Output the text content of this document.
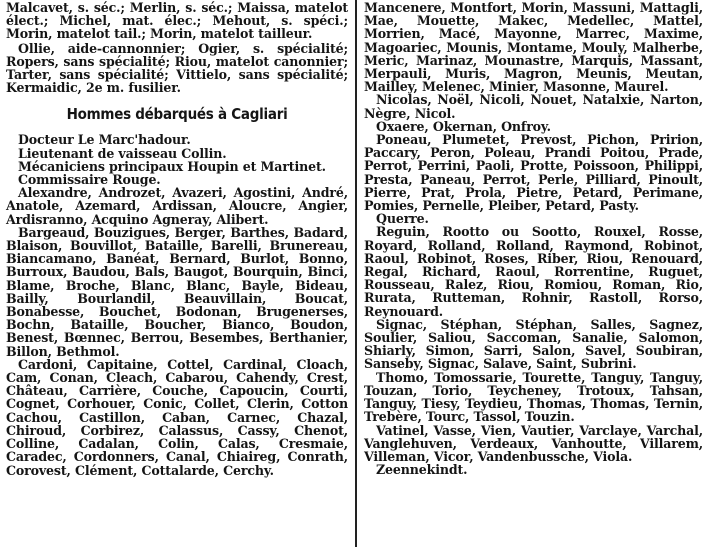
Malcavet, s. séc.; Merlin, s. séc.; Maissa, matelot élect.; Michel, mat. élec.; Mehout, s. spéci.; Morin, matelot tail.; Morin, matelot tailleur.

Ollie, aide-cannonnier; Ogier, s. spécialité; Ropers, sans spécialité; Riou, matelot canonnier; Tarter, sans spécialité; Vittielo, sans spécialité; Kermaidic, 2e m. fusilier.

Hommes débarqués à Cagliari

Docteur Le Marc'hadour.

Lieutenant de vaisseau Collin.

Mécaniciens principaux Houpin et Martinet.

Commissaire Rouge.

Alexandre, Androzet, Avazeri, Agostini, André, Anatole, Azemard, Ardissan, Aloucre, Angier, Ardisranno, Acquino Agneray, Alibert.

Bargeaud, Bouzigues, Berger, Barthes, Badard, Blaison, Bouvillot, Bataille, Barelli, Brunereau, Biancamano, Banéat, Bernard, Burlot, Bonno, Burroux, Baudou, Bals, Baugot, Bourquin, Binci, Blame, Broche, Blanc, Blanc, Bayle, Bideau, Bailly, Bourlandil, Beauvillain, Boucat, Bonabesse, Bouchet, Bodonan, Brugenerses, Bochn, Bataille, Boucher, Bianco, Boudon, Benest, Bœnnec, Berrou, Besembes, Berthanier, Billon, Bethmol.

Cardoni, Capitaine, Cottel, Cardinal, Cloach, Cam, Conan, Cleach, Cabarou, Cahendy, Crest, Château, Carrière, Couche, Capoucin, Courti, Cognet, Corhouer, Conic, Collet, Clerin, Cotton Cachou, Castillon, Caban, Carnec, Chazal, Chiroud, Corbirez, Calassus, Cassy, Chenot, Colline, Cadalan, Colin, Calas, Cresmaie, Caradec, Cordonners, Canal, Chiaireg, Conrath, Corovest, Clément, Cottalarde, Cerchy.

Mancenere, Montfort, Morin, Massuni, Mattagli, Mae, Mouette, Makec, Medellec, Mattel, Morrien, Macé, Mayonne, Marrec, Maxime, Magoariec, Mounis, Montame, Mouly, Malherbe, Meric, Marinaz, Mounastre, Marquis, Massant, Merpauli, Muris, Magron, Meunis, Meutan, Mailley, Melenec, Minier, Masonne, Maurel.

Nicolas, Noël, Nicoli, Nouet, Natalxie, Narton, Nègre, Nicol.

Oxaere, Okernan, Onfroy.

Poneau, Plumetet, Prevost, Pichon, Pririon, Paccary, Peron, Poleau, Prandi Poitou, Prade, Perrot, Perrini, Paoli, Protte, Poissoon, Philippi, Presta, Paneau, Perrot, Perle, Pilliard, Pinoult, Pierre, Prat, Prola, Pietre, Petard, Perimane, Pomies, Pernelle, Pleiber, Petard, Pasty.

Querre.

Reguin, Rootto ou Sootto, Rouxel, Rosse, Royard, Rolland, Rolland, Raymond, Robinot, Raoul, Robinot, Roses, Riber, Riou, Renouard, Regal, Richard, Raoul, Rorrentine, Ruguet, Rousseau, Ralez, Riou, Romiou, Roman, Rio, Rurata, Rutteman, Rohnir, Rastoll, Rorso, Reynouard.

Signac, Stéphan, Stéphan, Salles, Sagnez, Soulier, Saliou, Saccoman, Sanalie, Salomon, Shiarly, Simon, Sarri, Salon, Savel, Soubiran, Sanseby, Signac, Salave, Saint, Subrini.

Thomo, Tomossarie, Tourette, Tanguy, Tanguy, Touzan, Torio, Teycheney, Trotoux, Tahsan, Tanguy, Tiesy, Teydieu, Thomas, Thomas, Ternin, Trebère, Tourc, Tassol, Touzin.

Vatinel, Vasse, Vien, Vautier, Varclaye, Varchal, Vanglehuven, Verdeaux, Vanhoutte, Villarem, Villeman, Vicor, Vandenbussche, Viola.

Zeennekindt.
